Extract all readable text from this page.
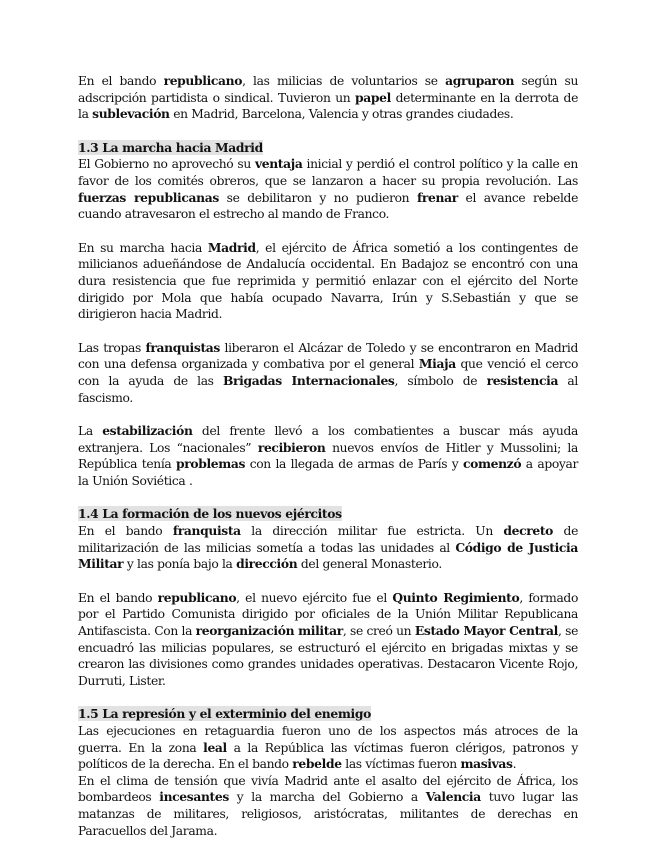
En el bando republicano, las milicias de voluntarios se agruparon según su adscripción partidista o sindical. Tuvieron un papel determinante en la derrota de la sublevación en Madrid, Barcelona, Valencia y otras grandes ciudades.

1.3 La marcha hacia Madrid

El Gobierno no aprovechó su ventaja inicial y perdió el control político y la calle en favor de los comités obreros, que se lanzaron a hacer su propia revolución. Las fuerzas republicanas se debilitaron y no pudieron frenar el avance rebelde cuando atravesaron el estrecho al mando de Franco.

En su marcha hacia Madrid, el ejército de África sometió a los contingentes de milicianos adueñándose de Andalucía occidental. En Badajoz se encontró con una dura resistencia que fue reprimida y permitió enlazar con el ejército del Norte dirigido por Mola que había ocupado Navarra, Irún y S.Sebastián y que se dirigieron hacia Madrid.

Las tropas franquistas liberaron el Alcázar de Toledo y se encontraron en Madrid con una defensa organizada y combativa por el general Miaja que venció el cerco con la ayuda de las Brigadas Internacionales, símbolo de resistencia al fascismo.

La estabilización del frente llevó a los combatientes a buscar más ayuda extranjera. Los “nacionales” recibieron nuevos envíos de Hitler y Mussolini; la República tenía problemas con la llegada de armas de París y comenzó a apoyar la Unión Soviética .

1.4 La formación de los nuevos ejércitos

En el bando franquista la dirección militar fue estricta. Un decreto de militarización de las milicias sometía a todas las unidades al Código de Justicia Militar y las ponía bajo la dirección del general Monasterio.

En el bando republicano, el nuevo ejército fue el Quinto Regimiento, formado por el Partido Comunista dirigido por oficiales de la Unión Militar Republicana Antifascista. Con la reorganización militar, se creó un Estado Mayor Central, se encuadró las milicias populares, se estructuró el ejército en brigadas mixtas y se crearon las divisiones como grandes unidades operativas. Destacaron Vicente Rojo, Durruti, Lister.

1.5 La represión y el exterminio del enemigo

Las ejecuciones en retaguardia fueron uno de los aspectos más atroces de la guerra. En la zona leal a la República las víctimas fueron clérigos, patronos y políticos de la derecha. En el bando rebelde las víctimas fueron masivas.

En el clima de tensión que vivía Madrid ante el asalto del ejército de África, los bombardeos incesantes y la marcha del Gobierno a Valencia tuvo lugar las matanzas de militares, religiosos, aristócratas, militantes de derechas en Paracuellos del Jarama.
